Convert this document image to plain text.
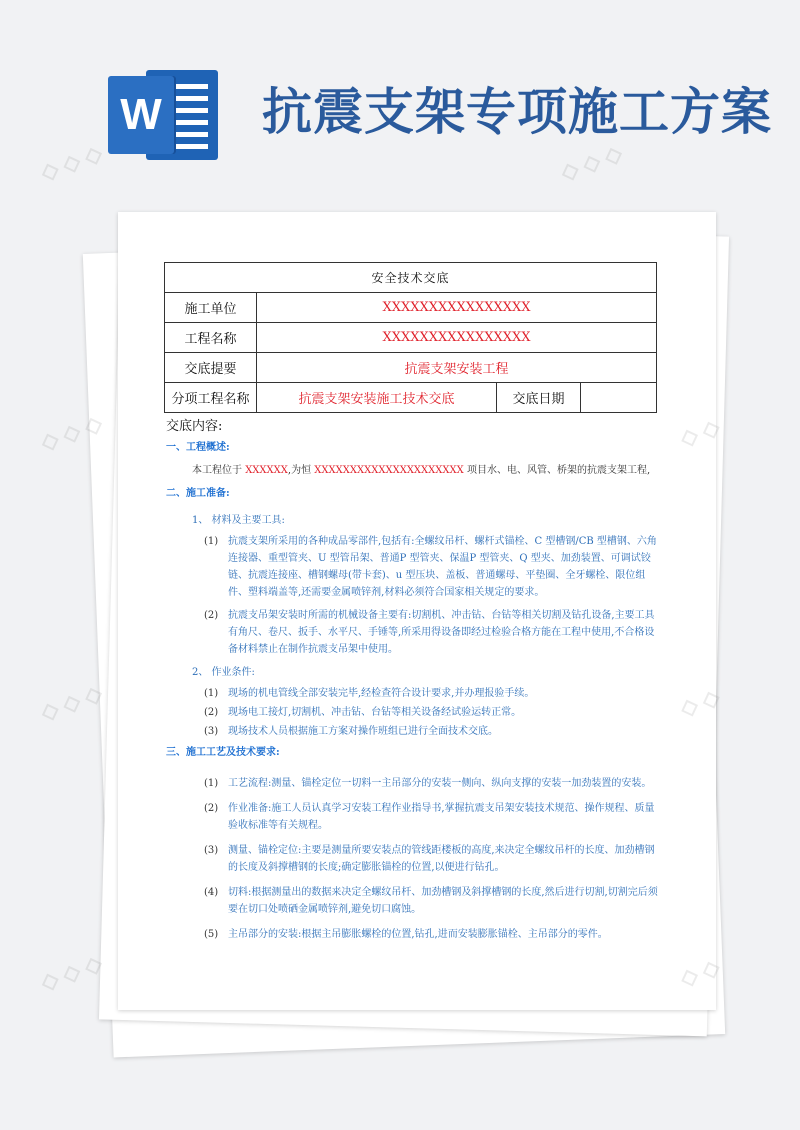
W 抗震支架专项施工方案
安全技术交底			
施工单位	XXXXXXXXXXXXXXXX		
工程名称	XXXXXXXXXXXXXXXX		
交底提要	抗震支架安装工程		
分项工程名称	抗震支架安装施工技术交底	交底日期	

交底内容:

一、工程概述:

本工程位于 XXXXXX,为恒 XXXXXXXXXXXXXXXXXXXXX 项目水、电、风管、桥架的抗震支架工程,

二、施工准备:

1、 材料及主要工具:

(1) 抗震支架所采用的各种成品零部件,包括有:全螺纹吊杆、螺杆式锚栓、C 型槽钢/CB 型槽钢、六角连接器、重型管夹、U 型管吊架、普通P 型管夹、保温P 型管夹、Q 型夹、加劲装置、可调试铰链、抗震连接座、槽钢螺母(带卡套)、u 型压块、盖板、普通螺母、平垫圈、全牙螺栓、限位组件、塑料端盖等,还需要金属喷锌剂,材料必须符合国家相关规定的要求。
(2) 抗震支吊架安装时所需的机械设备主要有:切割机、冲击钻、台钻等相关切割及钻孔设备,主要工具有角尺、卷尺、扳手、水平尺、手锤等,所采用得设备即经过检验合格方能在工程中使用,不合格设备材料禁止在制作抗震支吊架中使用。

2、 作业条件:

(1) 现场的机电管线全部安装完毕,经检查符合设计要求,并办理报验手续。
(2) 现场电工接灯,切割机、冲击钻、台钻等相关设备经试验运转正常。
(3) 现场技术人员根据施工方案对操作班组已进行全面技术交底。

三、施工工艺及技术要求:

(1) 工艺流程:测量、锚栓定位一切料一主吊部分的安装一侧向、纵向支撑的安装一加劲装置的安装。
(2) 作业准备:施工人员认真学习安装工程作业指导书,掌握抗震支吊架安装技术规范、操作规程、质量验收标准等有关规程。
(3) 测量、锚栓定位:主要是测量所要安装点的管线距楼板的高度,来决定全螺纹吊杆的长度、加劲槽钢的长度及斜撑槽钢的长度;确定膨胀锚栓的位置,以便进行钻孔。
(4) 切料:根据测量出的数据来决定全螺纹吊杆、加劲槽钢及斜撑槽钢的长度,然后进行切割,切割完后须要在切口处喷硒金属喷锌剂,避免切口腐蚀。
(5) 主吊部分的安装:根据主吊膨胀螺栓的位置,钻孔,进而安装膨胀锚栓、主吊部分的零件。
◇ ◇ ◇	◇ ◇ ◇
◇ ◇ ◇	◇ ◇
◇ ◇ ◇	◇ ◇
◇ ◇ ◇	◇ ◇
